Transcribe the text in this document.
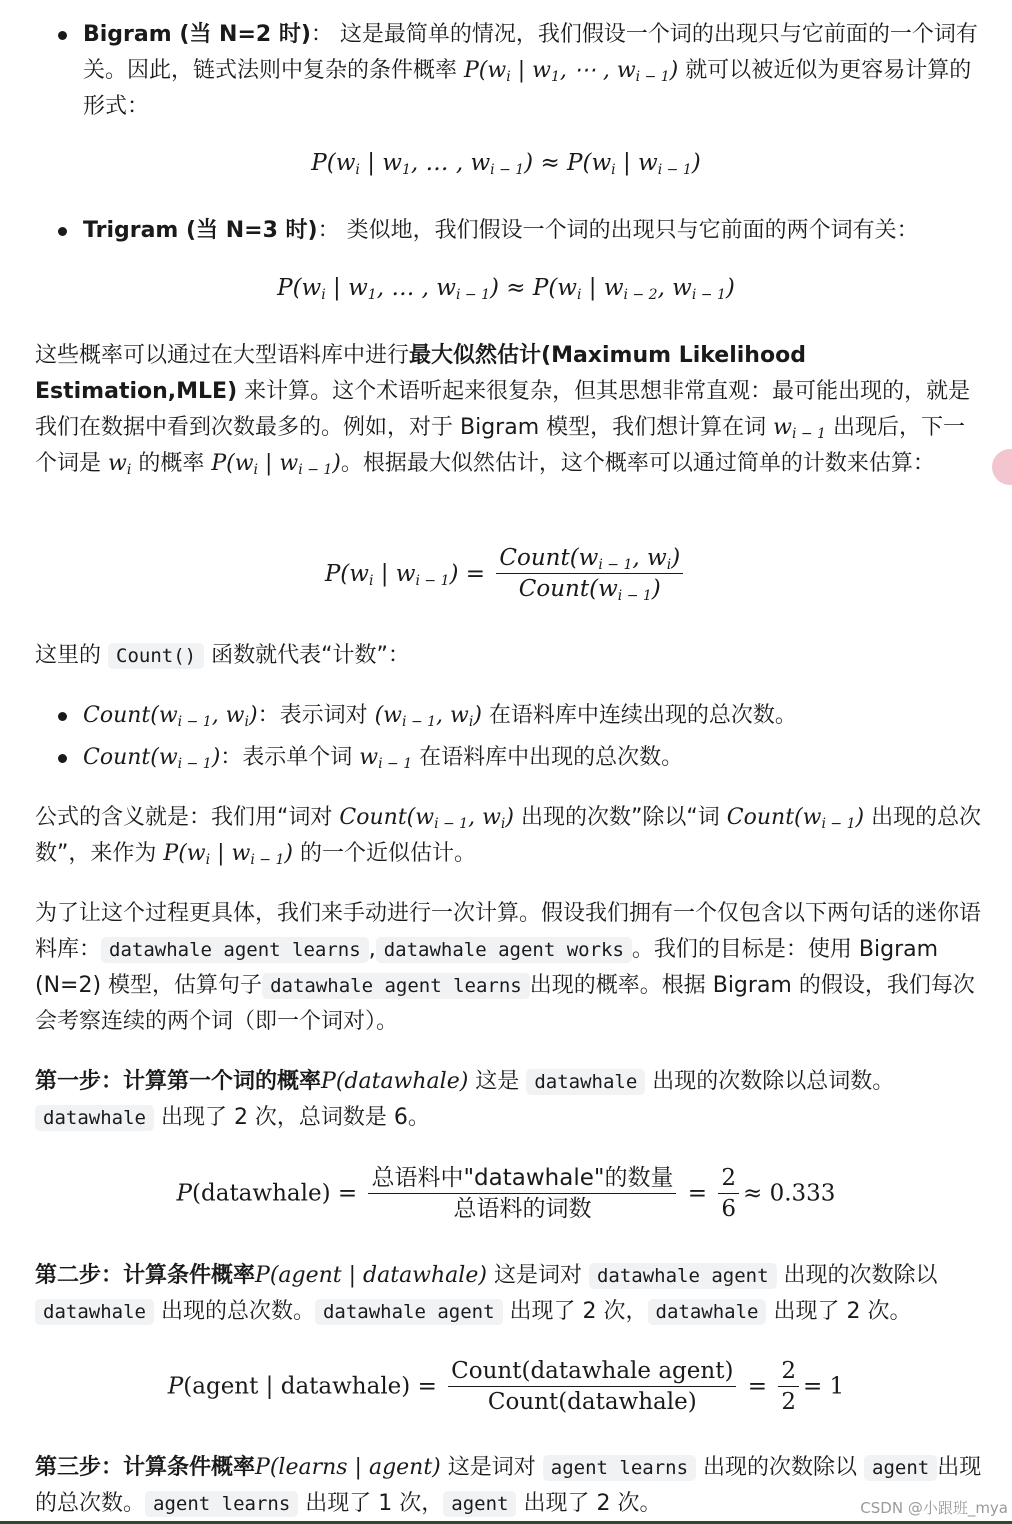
Bigram (当 N=2 时)： 这是最简单的情况，我们假设一个词的出现只与它前面的一个词有关。因此，链式法则中复杂的条件概率 $P(w_i$ | $w_1$, ⋯ , $w_{i - 1}$) 就可以被近似为更容易计算的形式：
$P(w_i$ | $w_1$, … , $w_{i - 1}) \approx P(w_i$ | $w_{i - 1}$)
Trigram (当 N=3 时)： 类似地，我们假设一个词的出现只与它前面的两个词有关：
$P(w_i$ | $w_1$, … , $w_{i - 1}) \approx P(w_i$ | $w_{i - 2}$, $w_{i - 1}$)
这些概率可以通过在大型语料库中进行最大似然估计(Maximum Likelihood Estimation,MLE) 来计算。这个术语听起来很复杂，但其思想非常直观：最可能出现的，就是我们在数据中看到次数最多的。例如，对于 Bigram 模型，我们想计算在词 $w_{i - 1}$ 出现后，下一个词是 $w_i$ 的概率 $P(w_i$ | $w_{i - 1}$)。根据最大似然估计，这个概率可以通过简单的计数来估算：
$P(w_i$ | $w_{i - 1}) = \frac{Count(w_{i - 1}, w_i)}{Count(w_{i - 1})}$
这里的 Count() 函数就代表“计数”：
$Count(w_{i - 1}$, $w_i$)：表示词对 ($w_{i - 1}$, $w_i$) 在语料库中连续出现的总次数。
$Count(w_{i - 1})$：表示单个词 $w_{i - 1}$ 在语料库中出现的总次数。
公式的含义就是：我们用“词对 $Count(w_{i - 1}$, $w_i$) 出现的次数”除以“词 $Count(w_{i - 1})$ 出现的总次数”，来作为 $P(w_i$ | $w_{i - 1}$) 的一个近似估计。
为了让这个过程更具体，我们来手动进行一次计算。假设我们拥有一个仅包含以下两句话的迷你语料库： datawhale agent learns , datawhale agent works 。我们的目标是：使用 Bigram (N=2) 模型，估算句子 datawhale agent learns 出现的概率。根据 Bigram 的假设，我们每次会考察连续的两个词（即一个词对）。
第一步：计算第一个词的概率P(datawhale) 这是 datawhale 出现的次数除以总词数。datawhale 出现了 2 次，总词数是 6。
P(datawhale) = $\frac{\text{总语料中"datawhale"的数量}}{\text{总语料的词数}} = \frac{2}{6} \approx 0.333$
第二步：计算条件概率P(agent | datawhale) 这是词对 datawhale agent 出现的次数除以datawhale 出现的总次数。 datawhale agent 出现了 2 次， datawhale 出现了 2 次。
P(agent | datawhale) = $\frac{\text{Count(datawhale agent)}}{\text{Count(datawhale)}} = \frac{2}{2} = 1$
第三步：计算条件概率P(learns | agent) 这是词对 agent learns 出现的次数除以 agent 出现的总次数。 agent learns 出现了 1 次， agent 出现了 2 次。	CSDN @小跟班_mya
